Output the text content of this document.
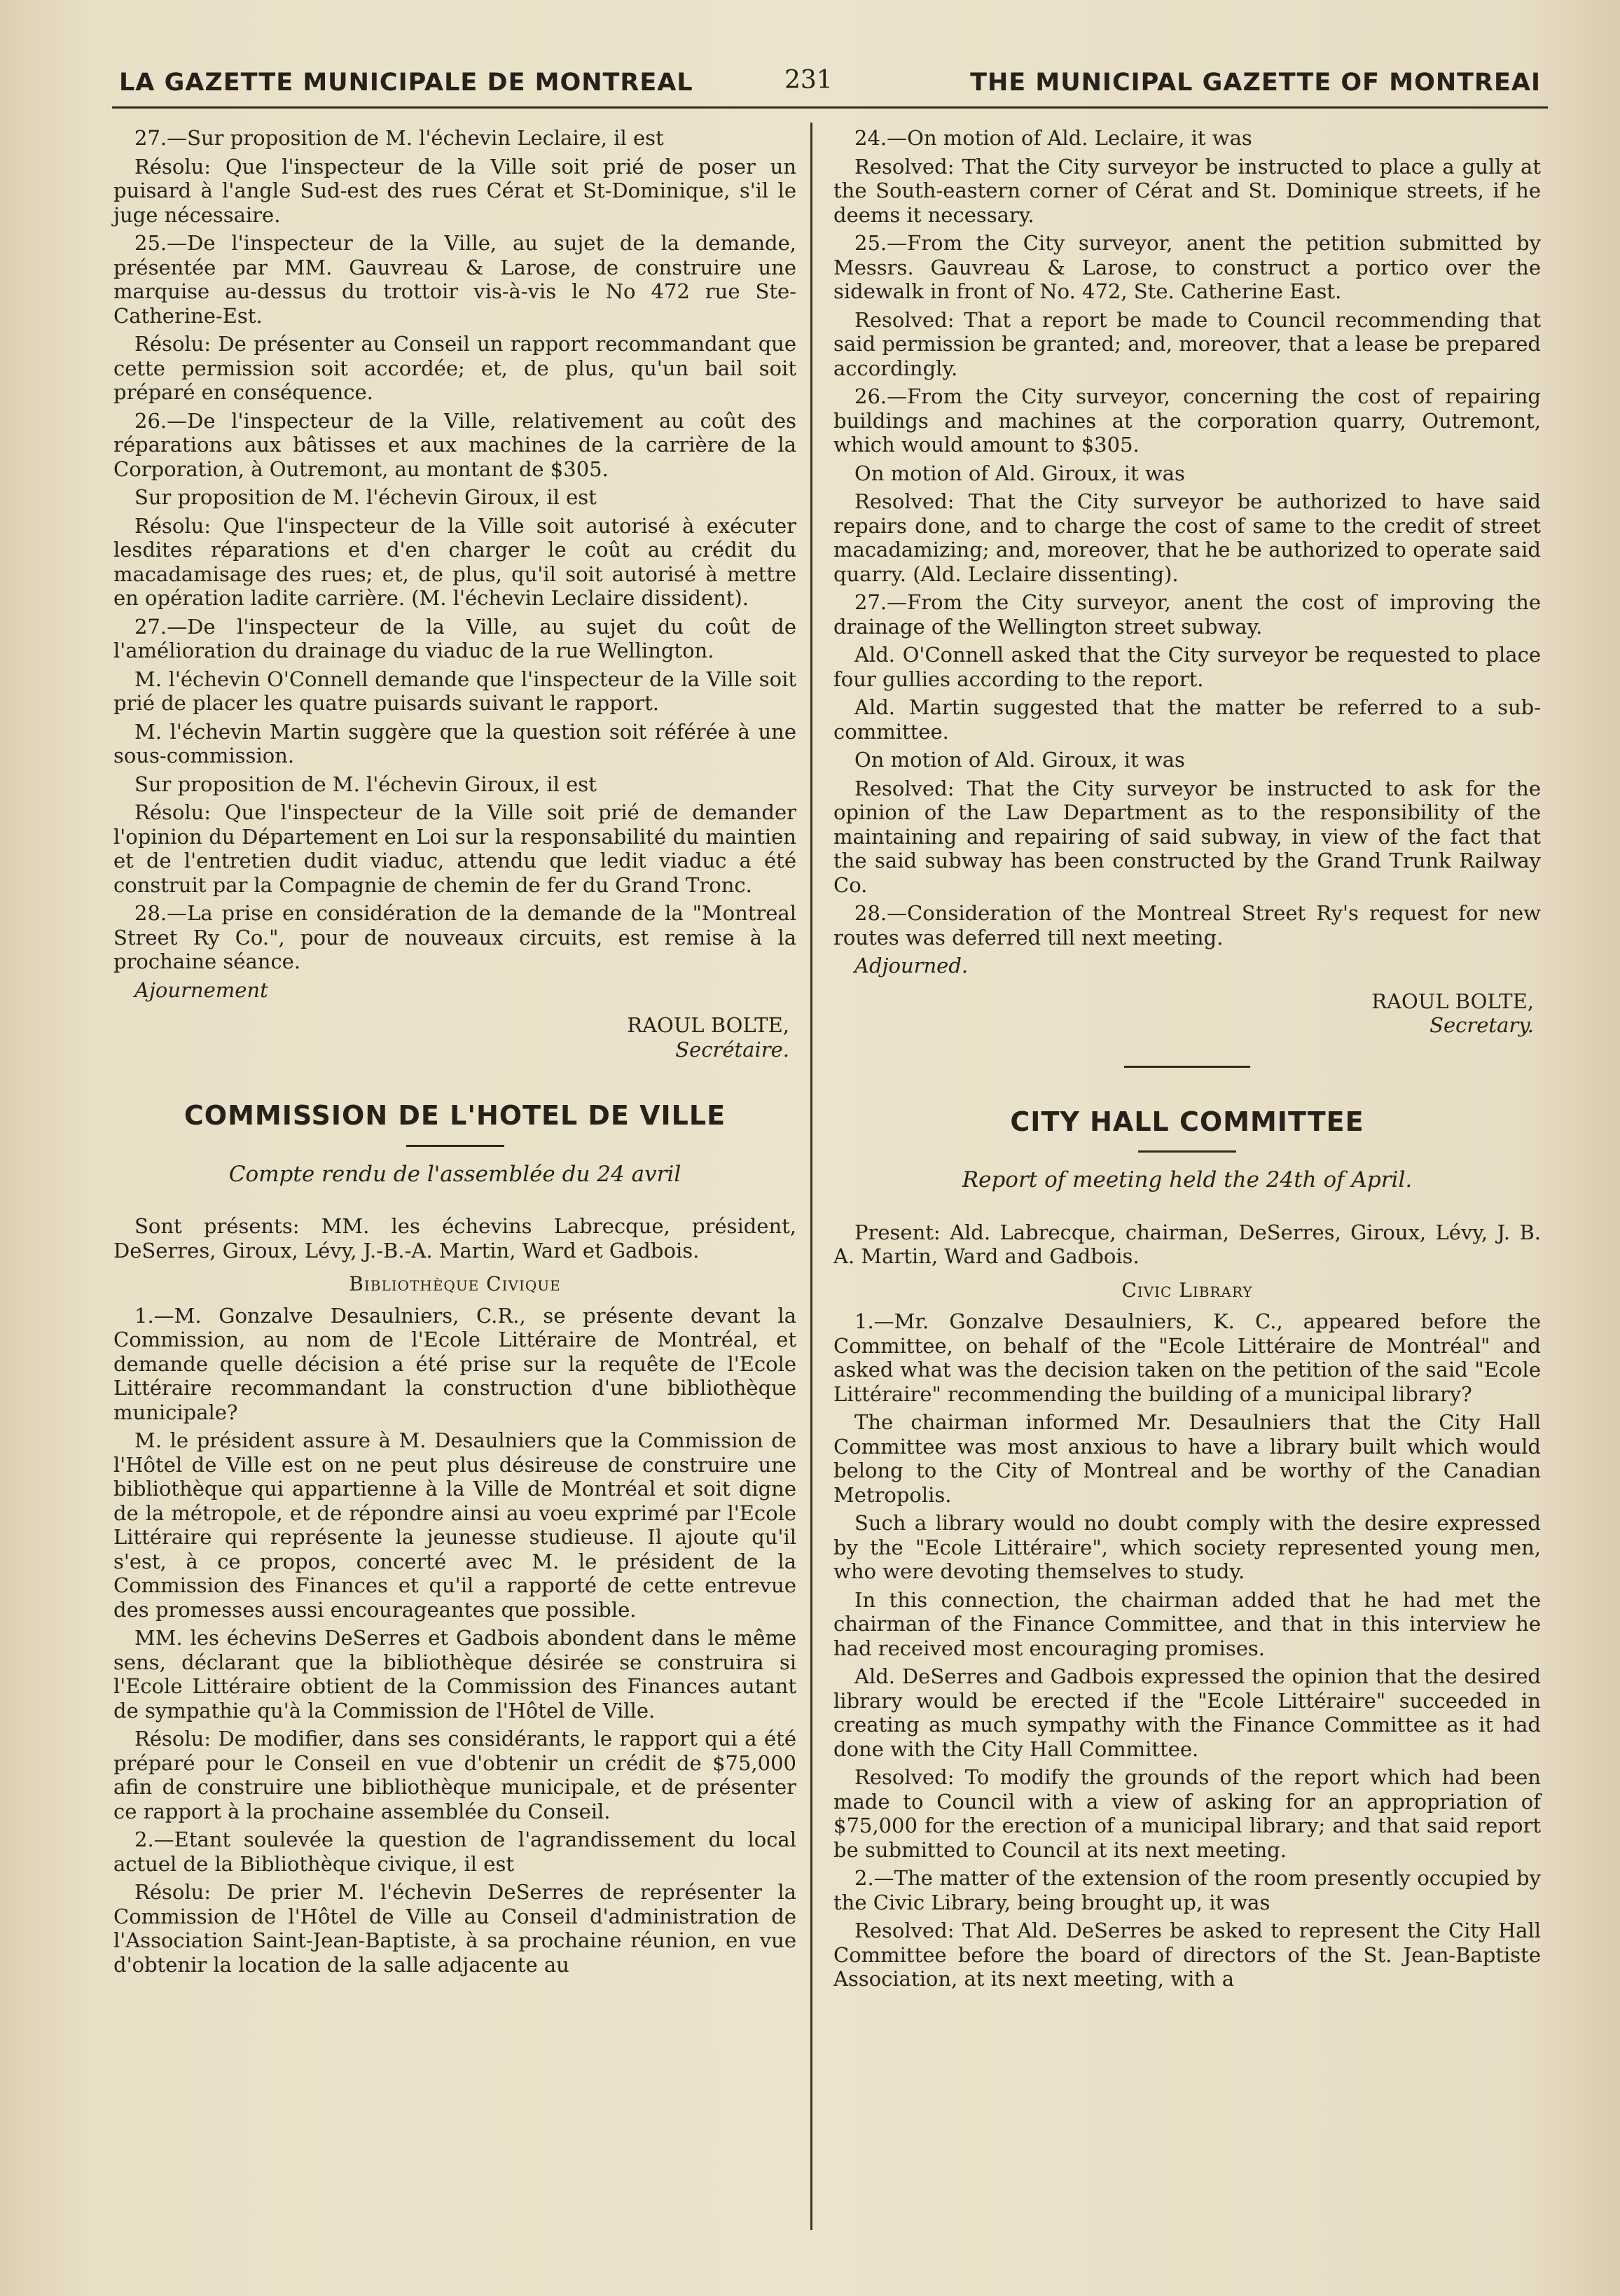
LA GAZETTE MUNICIPALE DE MONTREAL	231	THE MUNICIPAL GAZETTE OF MONTREAI

27.—Sur proposition de M. l'échevin Leclaire, il est

Résolu: Que l'inspecteur de la Ville soit prié de poser un puisard à l'angle Sud-est des rues Cérat et St-Dominique, s'il le juge nécessaire.

25.—De l'inspecteur de la Ville, au sujet de la demande, présentée par MM. Gauvreau & Larose, de construire une marquise au-dessus du trottoir vis-à-vis le No 472 rue Ste-Catherine-Est.

Résolu: De présenter au Conseil un rapport recommandant que cette permission soit accordée; et, de plus, qu'un bail soit préparé en conséquence.

26.—De l'inspecteur de la Ville, relativement au coût des réparations aux bâtisses et aux machines de la carrière de la Corporation, à Outremont, au montant de $305.

Sur proposition de M. l'échevin Giroux, il est

Résolu: Que l'inspecteur de la Ville soit autorisé à exécuter lesdites réparations et d'en charger le coût au crédit du macadamisage des rues; et, de plus, qu'il soit autorisé à mettre en opération ladite carrière. (M. l'échevin Leclaire dissident).

27.—De l'inspecteur de la Ville, au sujet du coût de l'amélioration du drainage du viaduc de la rue Wellington.

M. l'échevin O'Connell demande que l'inspecteur de la Ville soit prié de placer les quatre puisards suivant le rapport.

M. l'échevin Martin suggère que la question soit référée à une sous-commission.

Sur proposition de M. l'échevin Giroux, il est

Résolu: Que l'inspecteur de la Ville soit prié de demander l'opinion du Département en Loi sur la responsabilité du maintien et de l'entretien dudit viaduc, attendu que ledit viaduc a été construit par la Compagnie de chemin de fer du Grand Tronc.

28.—La prise en considération de la demande de la "Montreal Street Ry Co.", pour de nouveaux circuits, est remise à la prochaine séance.

Ajournement

RAOUL BOLTE,
Secrétaire.
COMMISSION DE L'HOTEL DE VILLE
Compte rendu de l'assemblée du 24 avril

Sont présents: MM. les échevins Labrecque, président, DeSerres, Giroux, Lévy, J.-B.-A. Martin, Ward et Gadbois.

Bibliothèque Civique

1.—M. Gonzalve Desaulniers, C.R., se présente devant la Commission, au nom de l'Ecole Littéraire de Montréal, et demande quelle décision a été prise sur la requête de l'Ecole Littéraire recommandant la construction d'une bibliothèque municipale?

M. le président assure à M. Desaulniers que la Commission de l'Hôtel de Ville est on ne peut plus désireuse de construire une bibliothèque qui appartienne à la Ville de Montréal et soit digne de la métropole, et de répondre ainsi au voeu exprimé par l'Ecole Littéraire qui représente la jeunesse studieuse. Il ajoute qu'il s'est, à ce propos, concerté avec M. le président de la Commission des Finances et qu'il a rapporté de cette entrevue des promesses aussi encourageantes que possible.

MM. les échevins DeSerres et Gadbois abondent dans le même sens, déclarant que la bibliothèque désirée se construira si l'Ecole Littéraire obtient de la Commission des Finances autant de sympathie qu'à la Commission de l'Hôtel de Ville.

Résolu: De modifier, dans ses considérants, le rapport qui a été préparé pour le Conseil en vue d'obtenir un crédit de $75,000 afin de construire une bibliothèque municipale, et de présenter ce rapport à la prochaine assemblée du Conseil.

2.—Etant soulevée la question de l'agrandissement du local actuel de la Bibliothèque civique, il est

Résolu: De prier M. l'échevin DeSerres de représenter la Commission de l'Hôtel de Ville au Conseil d'administration de l'Association Saint-Jean-Baptiste, à sa prochaine réunion, en vue d'obtenir la location de la salle adjacente au

24.—On motion of Ald. Leclaire, it was

Resolved: That the City surveyor be instructed to place a gully at the South-eastern corner of Cérat and St. Dominique streets, if he deems it necessary.

25.—From the City surveyor, anent the petition submitted by Messrs. Gauvreau & Larose, to construct a portico over the sidewalk in front of No. 472, Ste. Catherine East.

Resolved: That a report be made to Council recommending that said permission be granted; and, moreover, that a lease be prepared accordingly.

26.—From the City surveyor, concerning the cost of repairing buildings and machines at the corporation quarry, Outremont, which would amount to $305.

On motion of Ald. Giroux, it was

Resolved: That the City surveyor be authorized to have said repairs done, and to charge the cost of same to the credit of street macadamizing; and, moreover, that he be authorized to operate said quarry. (Ald. Leclaire dissenting).

27.—From the City surveyor, anent the cost of improving the drainage of the Wellington street subway.

Ald. O'Connell asked that the City surveyor be requested to place four gullies according to the report.

Ald. Martin suggested that the matter be referred to a sub-committee.

On motion of Ald. Giroux, it was

Resolved: That the City surveyor be instructed to ask for the opinion of the Law Department as to the responsibility of the maintaining and repairing of said subway, in view of the fact that the said subway has been constructed by the Grand Trunk Railway Co.

28.—Consideration of the Montreal Street Ry's request for new routes was deferred till next meeting.

Adjourned.

RAOUL BOLTE,
Secretary.
CITY HALL COMMITTEE
Report of meeting held the 24th of April.

Present: Ald. Labrecque, chairman, DeSerres, Giroux, Lévy, J. B. A. Martin, Ward and Gadbois.

Civic Library

1.—Mr. Gonzalve Desaulniers, K. C., appeared before the Committee, on behalf of the "Ecole Littéraire de Montréal" and asked what was the decision taken on the petition of the said "Ecole Littéraire" recommending the building of a municipal library?

The chairman informed Mr. Desaulniers that the City Hall Committee was most anxious to have a library built which would belong to the City of Montreal and be worthy of the Canadian Metropolis.

Such a library would no doubt comply with the desire expressed by the "Ecole Littéraire", which society represented young men, who were devoting themselves to study.

In this connection, the chairman added that he had met the chairman of the Finance Committee, and that in this interview he had received most encouraging promises.

Ald. DeSerres and Gadbois expressed the opinion that the desired library would be erected if the "Ecole Littéraire" succeeded in creating as much sympathy with the Finance Committee as it had done with the City Hall Committee.

Resolved: To modify the grounds of the report which had been made to Council with a view of asking for an appropriation of $75,000 for the erection of a municipal library; and that said report be submitted to Council at its next meeting.

2.—The matter of the extension of the room presently occupied by the Civic Library, being brought up, it was

Resolved: That Ald. DeSerres be asked to represent the City Hall Committee before the board of directors of the St. Jean-Baptiste Association, at its next meeting, with a
